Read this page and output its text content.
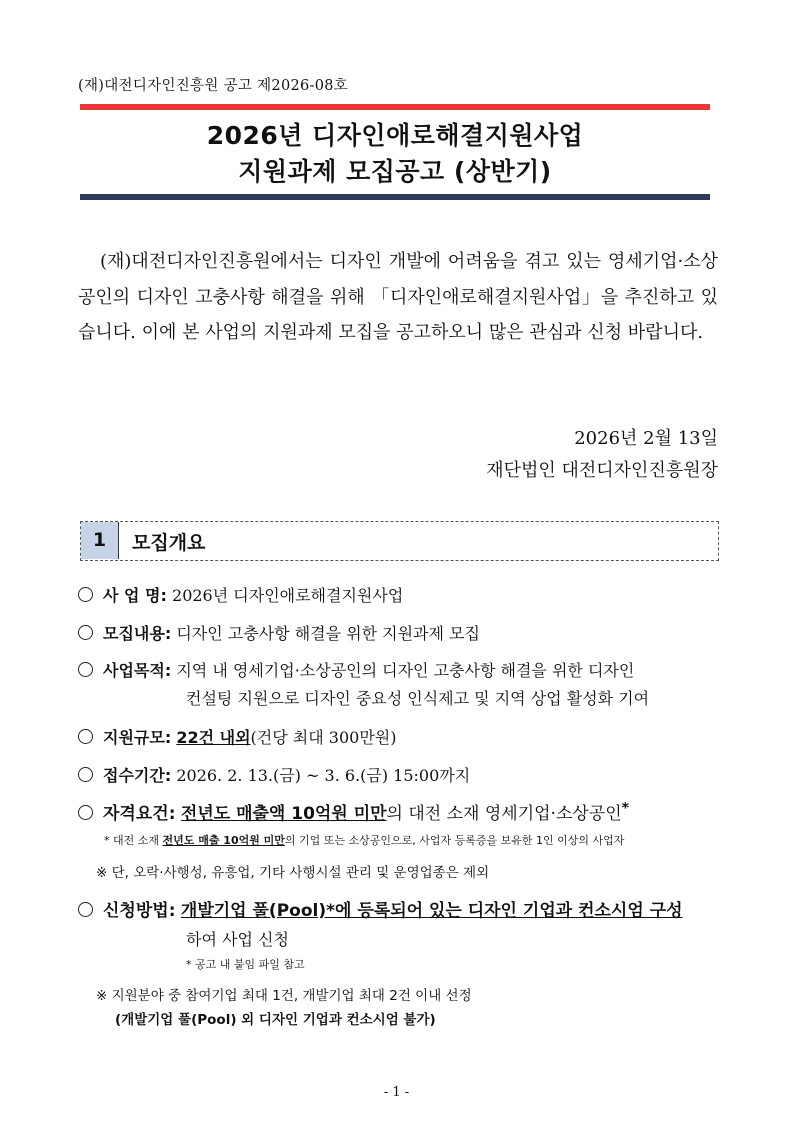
(재)대전디자인진흥원 공고 제2026-08호
2026년 디자인애로해결지원사업
지원과제 모집공고 (상반기)
(재)대전디자인진흥원에서는 디자인 개발에 어려움을 겪고 있는 영세기업·소상공인의 디자인 고충사항 해결을 위해 「디자인애로해결지원사업」을 추진하고 있습니다. 이에 본 사업의 지원과제 모집을 공고하오니 많은 관심과 신청 바랍니다.
2026년 2월 13일
재단법인 대전디자인진흥원장
1	모집개요
사 업 명: 2026년 디자인애로해결지원사업
모집내용: 디자인 고충사항 해결을 위한 지원과제 모집
사업목적: 지역 내 영세기업·소상공인의 디자인 고충사항 해결을 위한 디자인
컨설팅 지원으로 디자인 중요성 인식제고 및 지역 상업 활성화 기여
지원규모: 22건 내외(건당 최대 300만원)
접수기간: 2026. 2. 13.(금) ~ 3. 6.(금) 15:00까지
자격요건: 전년도 매출액 10억원 미만의 대전 소재 영세기업·소상공인*
* 대전 소재 전년도 매출 10억원 미만의 기업 또는 소상공인으로, 사업자 등록증을 보유한 1인 이상의 사업자
※ 단, 오락·사행성, 유흥업, 기타 사행시설 관리 및 운영업종은 제외
신청방법: 개발기업 풀(Pool)*에 등록되어 있는 디자인 기업과 컨소시엄 구성
하여 사업 신청
* 공고 내 붙임 파일 참고
※ 지원분야 중 참여기업 최대 1건, 개발기업 최대 2건 이내 선정
(개발기업 풀(Pool) 외 디자인 기업과 컨소시엄 불가)
- 1 -
